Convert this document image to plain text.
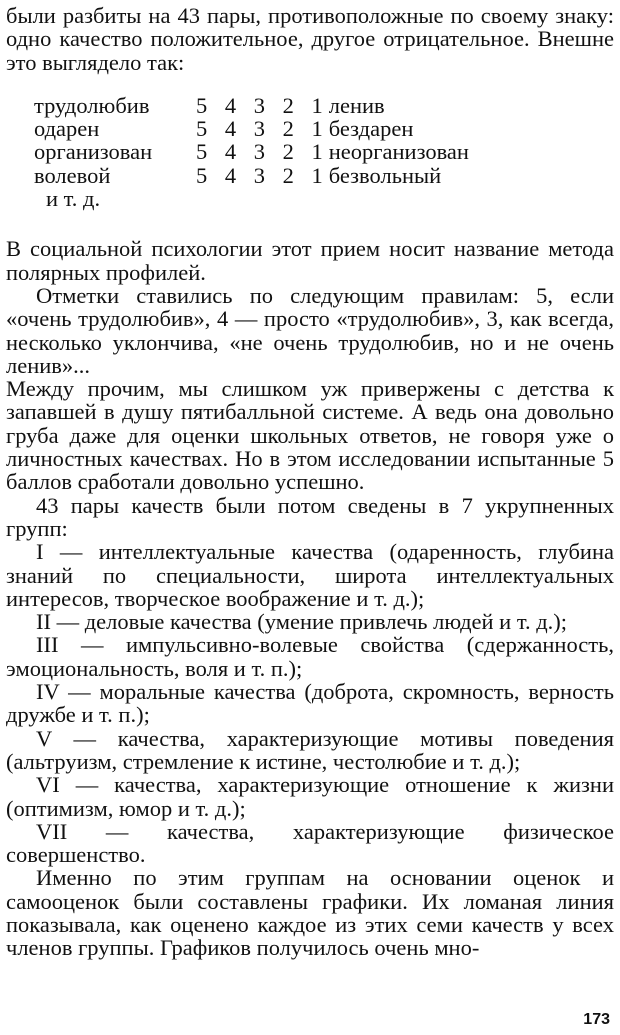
были разбиты на 43 пары, противоположные по своему знаку: одно качество положительное, другое отрицательное. Внешне это выглядело так:

трудолюбив	5 4 3 2 1	ленив
одарен	5 4 3 2 1	бездарен
организован	5 4 3 2 1	неорганизован
волевой	5 4 3 2 1	безвольный

и т. д.

В социальной психологии этот прием носит название метода полярных профилей.

Отметки ставились по следующим правилам: 5, если «очень трудолюбив», 4 — просто «трудолюбив», 3, как всегда, несколько уклончива, «не очень трудолюбив, но и не очень ленив»...

Между прочим, мы слишком уж привержены с детства к запавшей в душу пятибалльной системе. А ведь она довольно груба даже для оценки школьных ответов, не говоря уже о личностных качествах. Но в этом исследовании испытанные 5 баллов сработали довольно успешно.

43 пары качеств были потом сведены в 7 укрупненных групп:

I — интеллектуальные качества (одаренность, глубина знаний по специальности, широта интеллектуальных интересов, творческое воображение и т. д.);

II — деловые качества (умение привлечь людей и т. д.);

III — импульсивно-волевые свойства (сдержанность, эмоциональность, воля и т. п.);

IV — моральные качества (доброта, скромность, верность дружбе и т. п.);

V — качества, характеризующие мотивы поведения (альтруизм, стремление к истине, честолюбие и т. д.);

VI — качества, характеризующие отношение к жизни (оптимизм, юмор и т. д.);

VII — качества, характеризующие физическое совершенство.

Именно по этим группам на основании оценок и самооценок были составлены графики. Их ломаная линия показывала, как оценено каждое из этих семи качеств у всех членов группы. Графиков получилось очень мно-

173
